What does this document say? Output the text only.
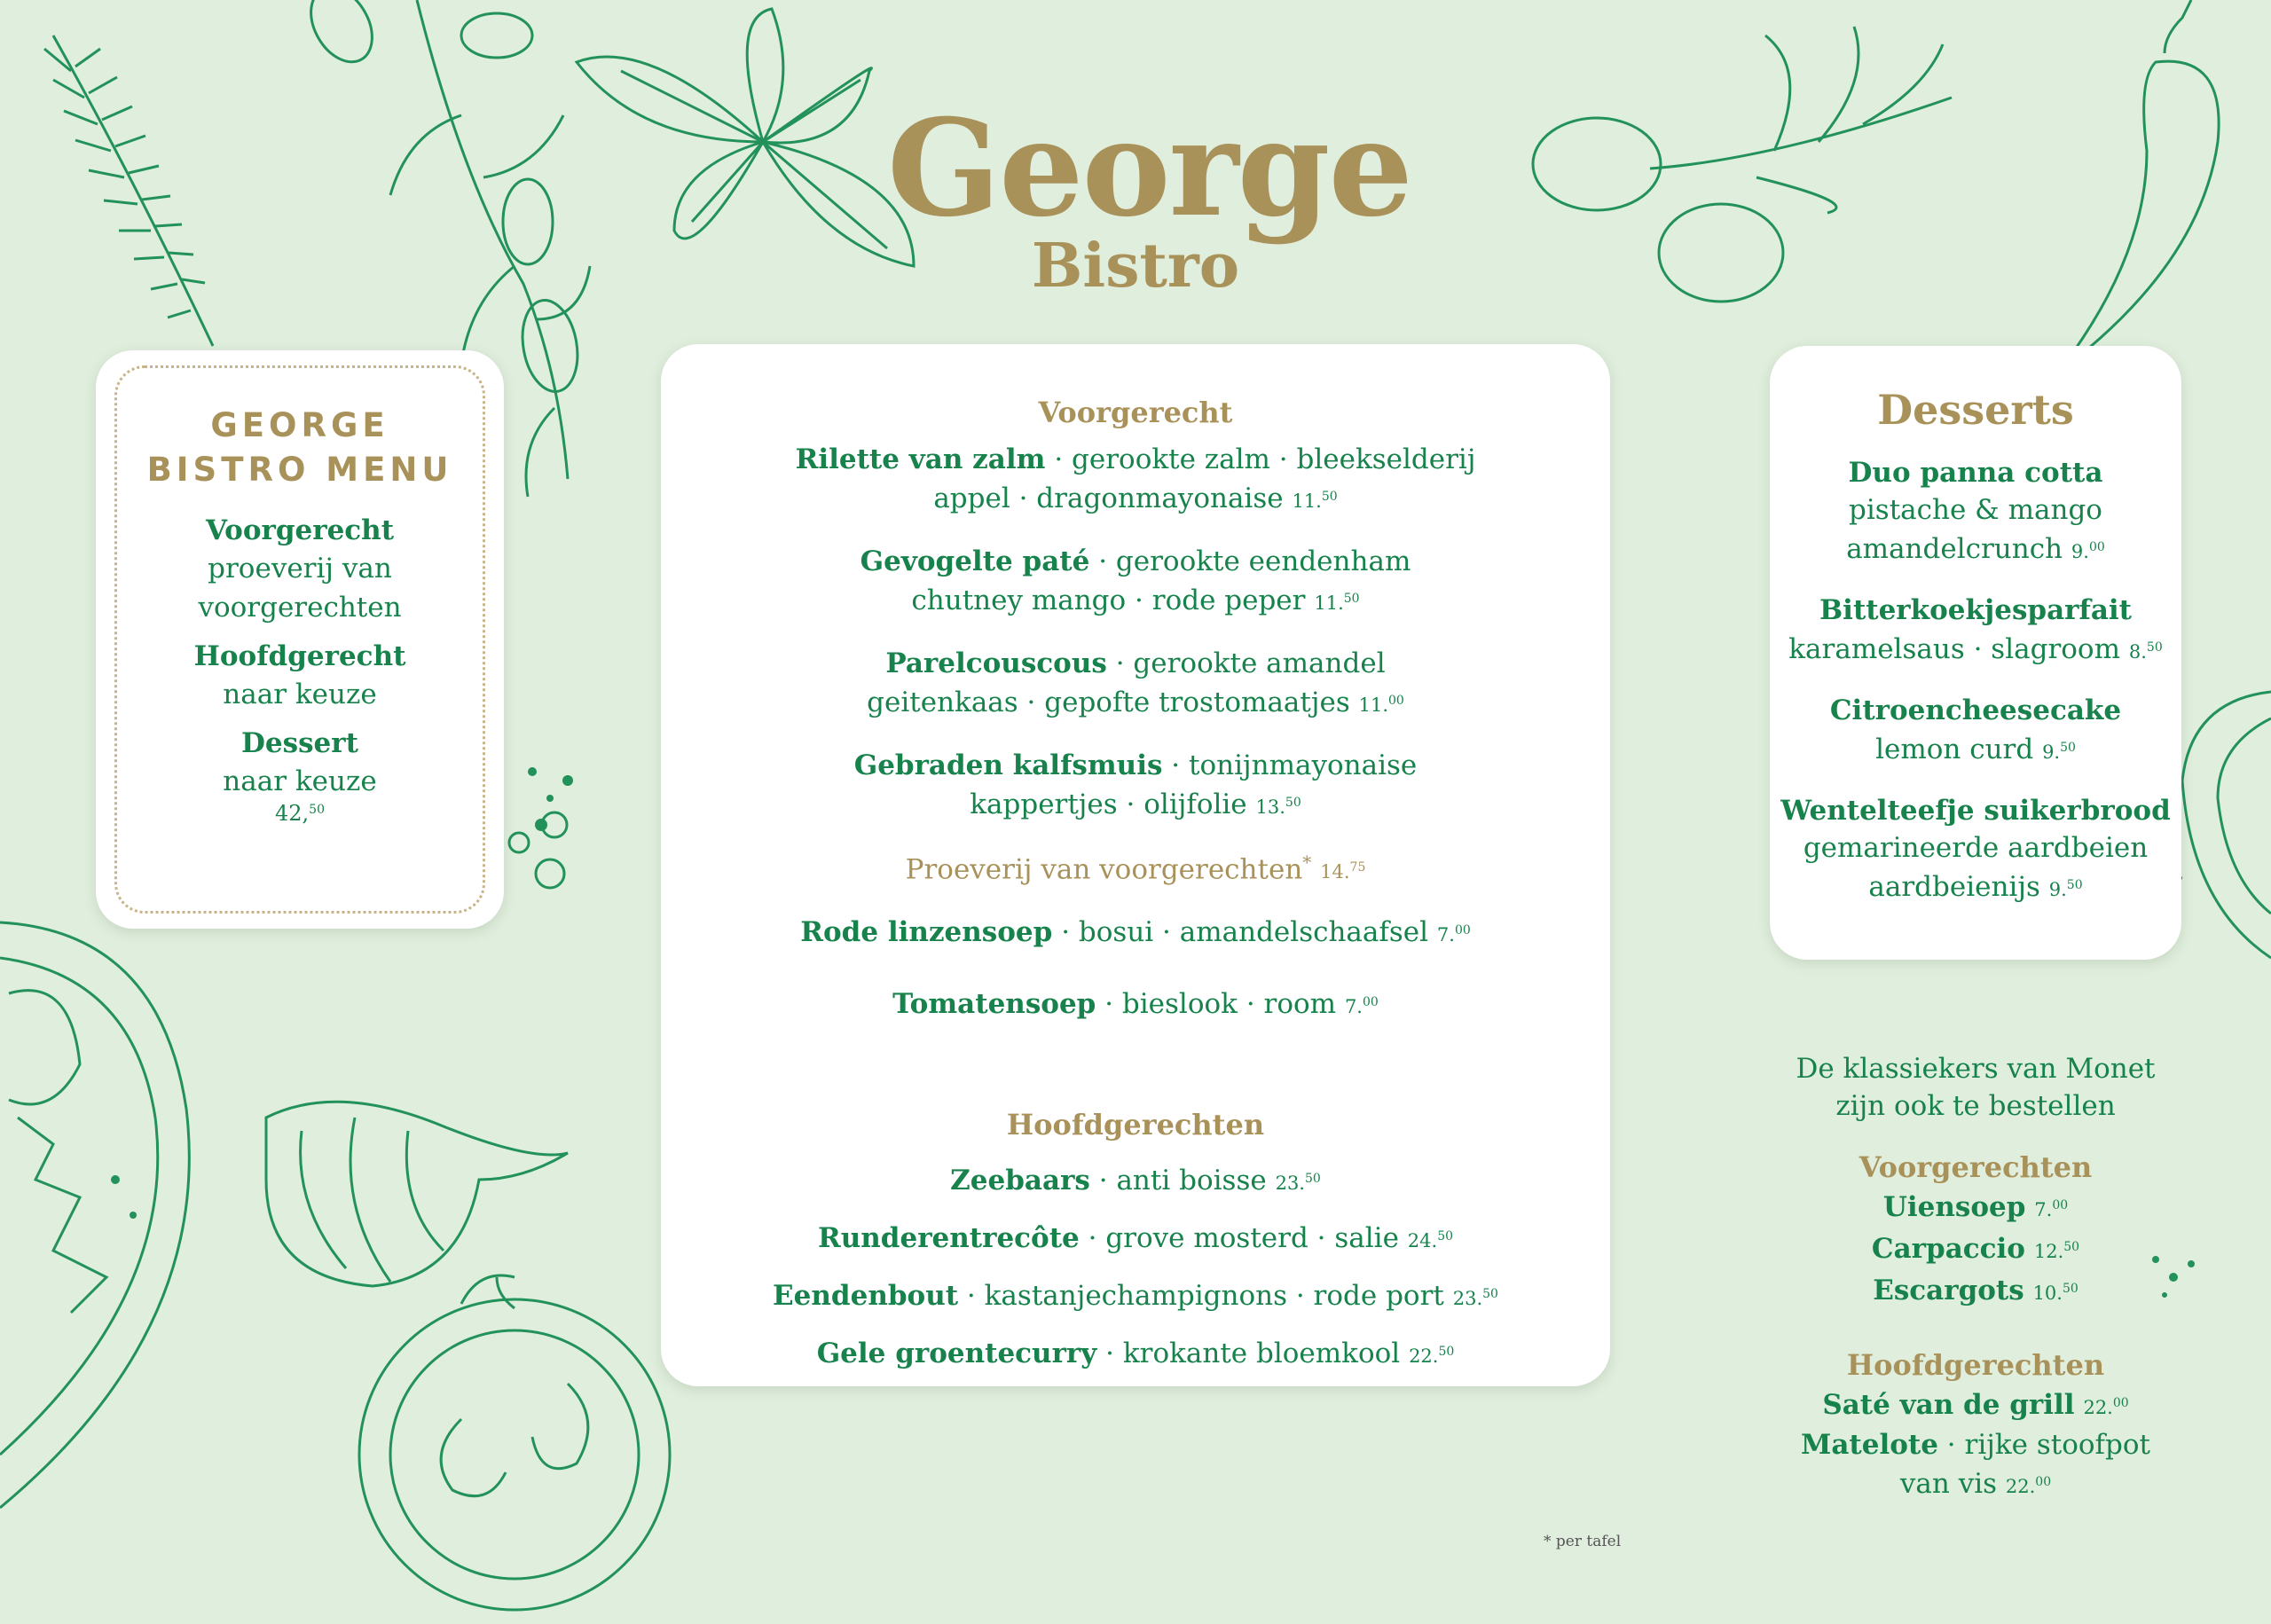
George
Bistro
GEORGE
BISTRO MENU
Voorgerecht
proeverij van
voorgerechten
Hoofdgerecht
naar keuze
Dessert
naar keuze
42,50
Voorgerecht
Rilette van zalm · gerookte zalm · bleekselderij
appel · dragonmayonaise 11.50
Gevogelte paté · gerookte eendenham
chutney mango · rode peper 11.50
Parelcouscous · gerookte amandel
geitenkaas · gepofte trostomaatjes 11.00
Gebraden kalfsmuis · tonijnmayonaise
kappertjes · olijfolie 13.50
Proeverij van voorgerechten* 14.75
Rode linzensoep · bosui · amandelschaafsel 7.00
Tomatensoep · bieslook · room 7.00
Hoofdgerechten
Zeebaars · anti boisse 23.50
Runderentrecôte · grove mosterd · salie 24.50
Eendenbout · kastanjechampignons · rode port 23.50
Gele groentecurry · krokante bloemkool 22.50
Desserts
Duo panna cotta
pistache & mango
amandelcrunch 9.00
Bitterkoekjesparfait
karamelsaus · slagroom 8.50
Citroencheesecake
lemon curd 9.50
Wentelteefje suikerbrood
gemarineerde aardbeien
aardbeienijs 9.50
De klassiekers van Monet
zijn ook te bestellen
Voorgerechten
Uiensoep 7.00
Carpaccio 12.50
Escargots 10.50
Hoofdgerechten
Saté van de grill 22.00
Matelote · rijke stoofpot
van vis 22.00
* per tafel
